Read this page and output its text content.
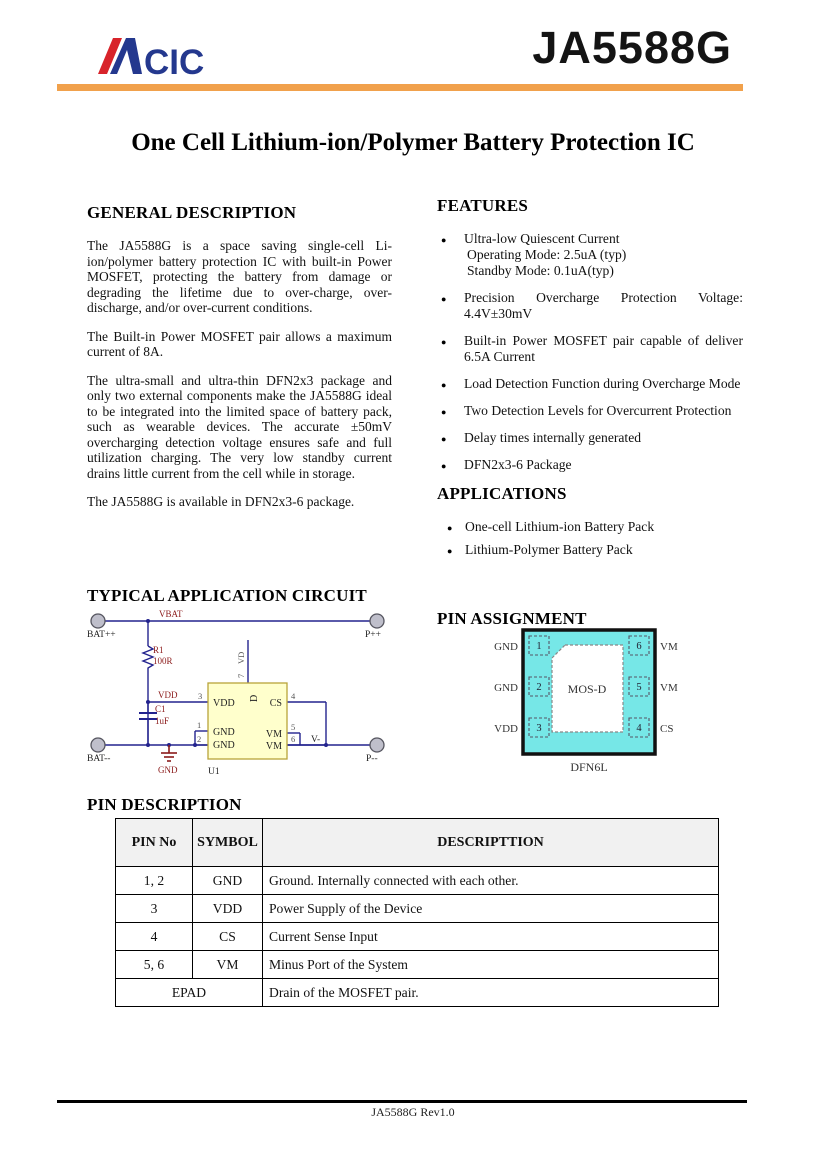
CIC	JA5588G
One Cell Lithium-ion/Polymer Battery Protection IC
GENERAL DESCRIPTION

The JA5588G is a space saving single-cell Li-ion/polymer battery protection IC with built-in Power MOSFET, protecting the battery from damage or degrading the lifetime due to over-charge, over-discharge, and/or over-current conditions.

The Built-in Power MOSFET pair allows a maximum current of 8A.

The ultra-small and ultra-thin DFN2x3 package and only two external components make the JA5588G ideal to be integrated into the limited space of battery pack, such as wearable devices. The accurate ±50mV overcharging detection voltage ensures safe and full utilization charging. The very low standby current drains little current from the cell while in storage.

The JA5588G is available in DFN2x3-6 package.

FEATURES
● Ultra-low Quiescent Current
Operating Mode: 2.5uA (typ)
Standby Mode: 0.1uA(typ)
● Precision Overcharge Protection Voltage: 4.4V±30mV
● Built-in Power MOSFET pair capable of deliver 6.5A Current
● Load Detection Function during Overcharge Mode
● Two Detection Levels for Overcurrent Protection
● Delay times internally generated
● DFN2x3-6 Package
APPLICATIONS
● One-cell Lithium-ion Battery Pack
● Lithium-Polymer Battery Pack
TYPICAL APPLICATION CIRCUIT
BAT++	P++
BAT--	P--
U1
V-
VBAT
R1
100R
VDD
C1
1uF
GND
VDD
GND
GND
CS
VM
VM
D
3
1
2
4
5
6
7
VD
PIN ASSIGNMENT
MOS-D
1
2
3
6
5
4
GND
GND
VDD
VM
VM
CS
DFN6L
PIN DESCRIPTION
PIN No	SYMBOL	DESCRIPTTION
1, 2	GND	Ground. Internally connected with each other.
3	VDD	Power Supply of the Device
4	CS	Current Sense Input
5, 6	VM	Minus Port of the System
EPAD		Drain of the MOSFET pair.
JA5588G Rev1.0
